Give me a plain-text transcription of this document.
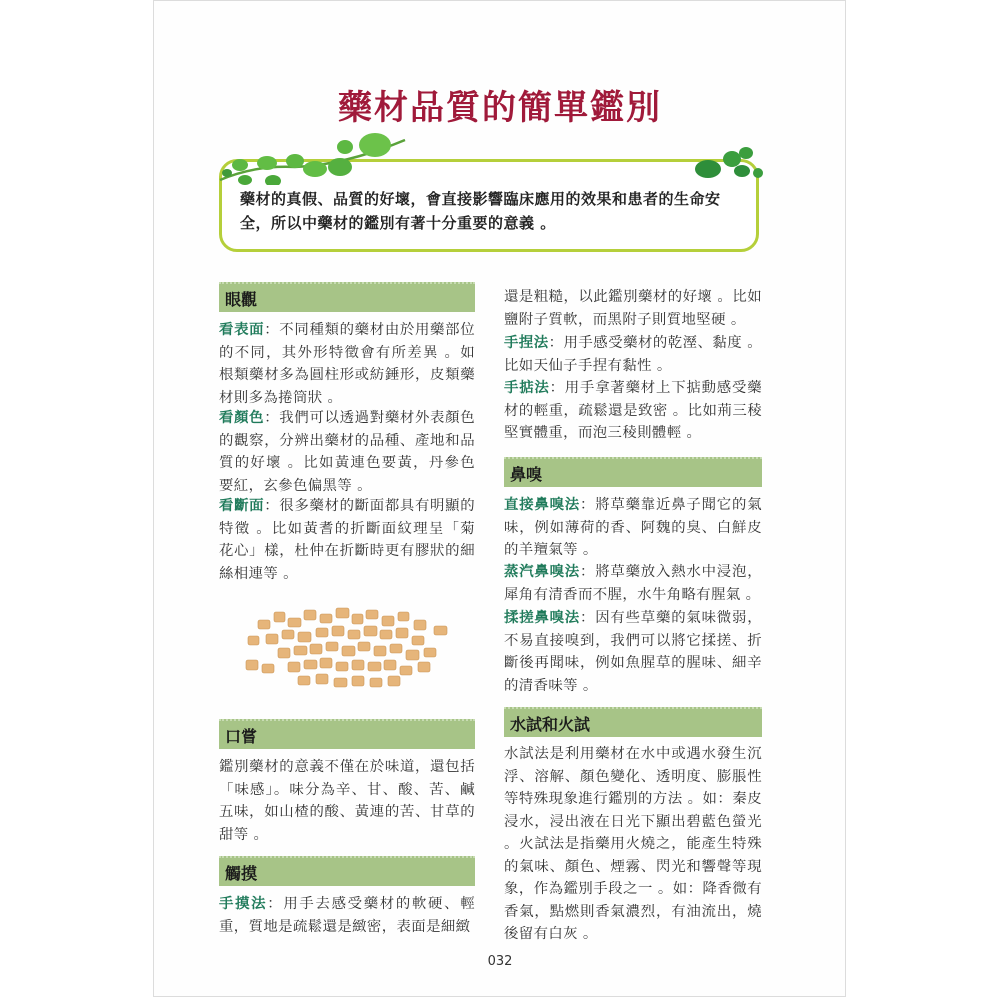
藥材品質的簡單鑑別
藥材的真假、品質的好壞，會直接影響臨床應用的效果和患者的生命安全，所以中藥材的鑑別有著十分重要的意義 。
眼觀
看表面：不同種類的藥材由於用藥部位的不同，其外形特徵會有所差異 。如根類藥材多為圓柱形或紡錘形，皮類藥材則多為捲筒狀 。
看顏色：我們可以透過對藥材外表顏色的觀察，分辨出藥材的品種、產地和品質的好壞 。比如黃連色要黃，丹參色要紅，玄參色偏黑等 。
看斷面：很多藥材的斷面都具有明顯的特徵 。比如黃耆的折斷面紋理呈「菊花心」樣，杜仲在折斷時更有膠狀的細絲相連等 。
口嘗
鑑別藥材的意義不僅在於味道，還包括「味感」。味分為辛、甘、酸、苦、鹹五味，如山楂的酸、黃連的苦、甘草的甜等 。
觸摸
手摸法：用手去感受藥材的軟硬、輕重，質地是疏鬆還是緻密，表面是細緻
還是粗糙，以此鑑別藥材的好壞 。比如鹽附子質軟，而黑附子則質地堅硬 。
手捏法：用手感受藥材的乾溼、黏度 。比如天仙子手捏有黏性 。
手掂法：用手拿著藥材上下掂動感受藥材的輕重，疏鬆還是致密 。比如荊三稜堅實體重，而泡三稜則體輕 。
鼻嗅
直接鼻嗅法：將草藥靠近鼻子聞它的氣味，例如薄荷的香、阿魏的臭、白鮮皮的羊羶氣等 。
蒸汽鼻嗅法：將草藥放入熱水中浸泡，犀角有清香而不腥，水牛角略有腥氣 。
揉搓鼻嗅法：因有些草藥的氣味微弱，不易直接嗅到，我們可以將它揉搓、折斷後再聞味，例如魚腥草的腥味、細辛的清香味等 。
水試和火試
水試法是利用藥材在水中或遇水發生沉浮、溶解、顏色變化、透明度、膨脹性等特殊現象進行鑑別的方法 。如：秦皮浸水，浸出液在日光下顯出碧藍色螢光 。火試法是指藥用火燒之，能產生特殊的氣味、顏色、煙霧、閃光和響聲等現象，作為鑑別手段之一 。如：降香微有香氣，點燃則香氣濃烈，有油流出，燒後留有白灰 。
032
